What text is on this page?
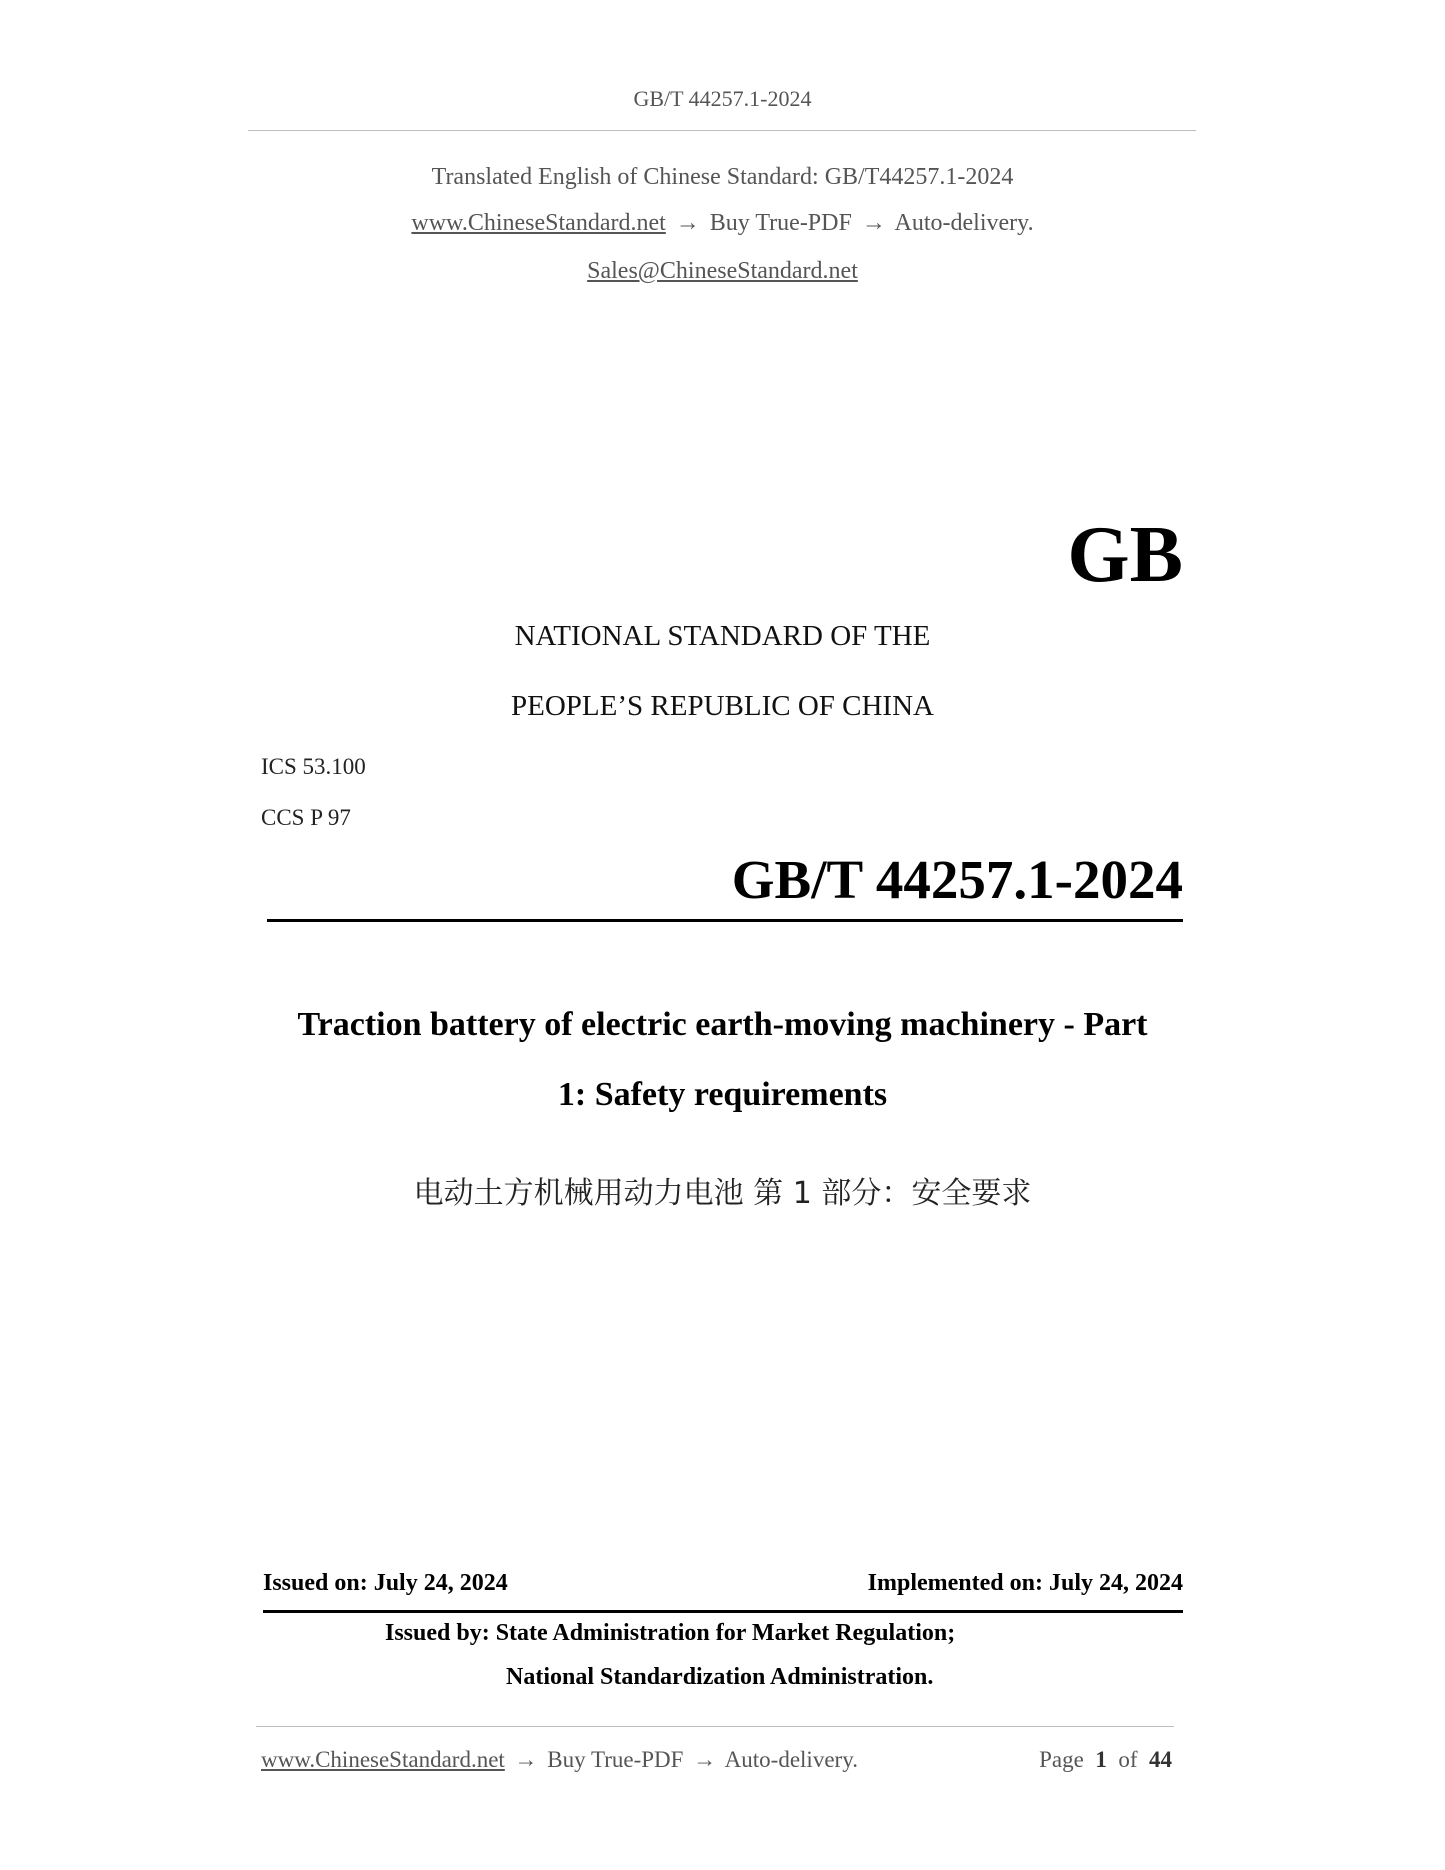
GB/T 44257.1-2024
Translated English of Chinese Standard: GB/T44257.1-2024
www.ChineseStandard.net → Buy True-PDF → Auto-delivery.
Sales@ChineseStandard.net
GB
NATIONAL STANDARD OF THE
PEOPLE’S REPUBLIC OF CHINA
ICS 53.100
CCS P 97
GB/T 44257.1-2024
Traction battery of electric earth-moving machinery - Part
1: Safety requirements
电动土方机械用动力电池 第 1 部分：安全要求
Issued on: July 24, 2024	Implemented on: July 24, 2024
Issued by: State Administration for Market Regulation;
National Standardization Administration.
www.ChineseStandard.net → Buy True-PDF → Auto-delivery.	Page 1 of 44
